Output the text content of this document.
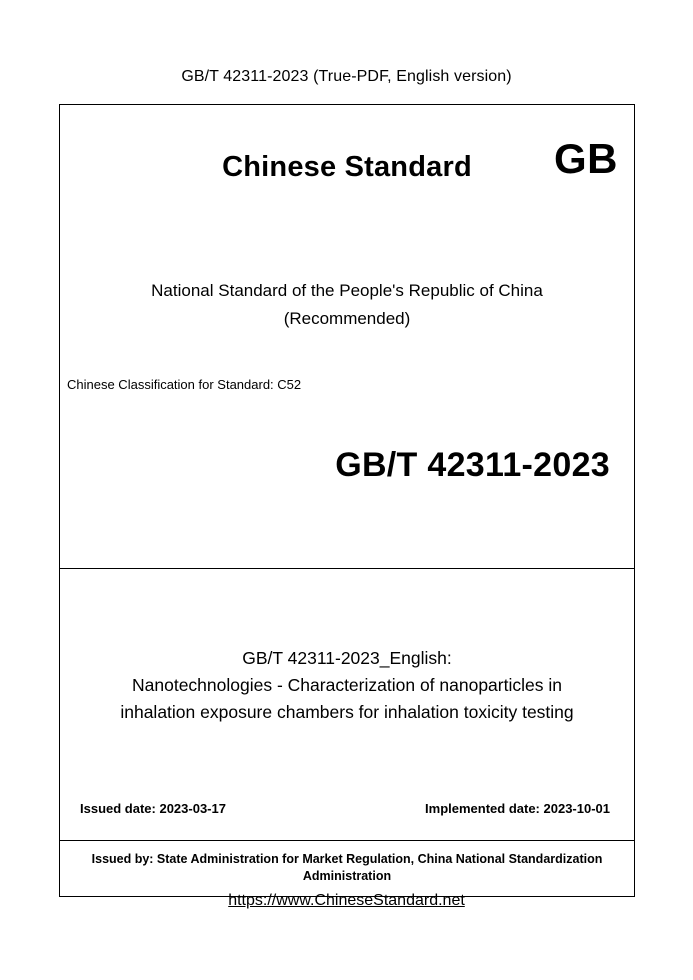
GB/T 42311-2023 (True-PDF, English version)
Chinese Standard	GB
National Standard of the People's Republic of China
(Recommended)
Chinese Classification for Standard: C52
GB/T 42311-2023
GB/T 42311-2023_English:
Nanotechnologies - Characterization of nanoparticles in
inhalation exposure chambers for inhalation toxicity testing
Issued date: 2023-03-17	Implemented date: 2023-10-01
Issued by: State Administration for Market Regulation, China National Standardization Administration
https://www.ChineseStandard.net
